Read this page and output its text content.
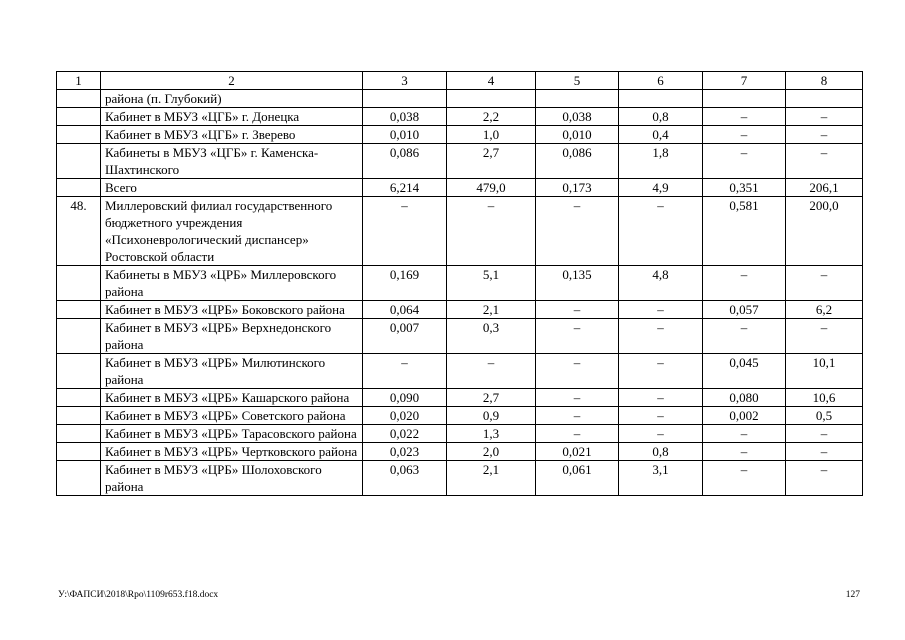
1	2	3	4	5	6	7	8
	района (п. Глубокий)						
	Кабинет в МБУЗ «ЦГБ» г. Донецка	0,038	2,2	0,038	0,8	–	–
	Кабинет в МБУЗ «ЦГБ» г. Зверево	0,010	1,0	0,010	0,4	–	–
	Кабинеты в МБУЗ «ЦГБ» г. Каменска-Шахтинского	0,086	2,7	0,086	1,8	–	–
	Всего	6,214	479,0	0,173	4,9	0,351	206,1
48.	Миллеровский филиал государственного бюджетного учреждения «Психоневрологический диспансер» Ростовской области	–	–	–	–	0,581	200,0
	Кабинеты в МБУЗ «ЦРБ» Миллеровского района	0,169	5,1	0,135	4,8	–	–
	Кабинет в МБУЗ «ЦРБ» Боковского района	0,064	2,1	–	–	0,057	6,2
	Кабинет в МБУЗ «ЦРБ» Верхнедонского района	0,007	0,3	–	–	–	–
	Кабинет в МБУЗ «ЦРБ» Милютинского района	–	–	–	–	0,045	10,1
	Кабинет в МБУЗ «ЦРБ» Кашарского района	0,090	2,7	–	–	0,080	10,6
	Кабинет в МБУЗ «ЦРБ» Советского района	0,020	0,9	–	–	0,002	0,5
	Кабинет в МБУЗ «ЦРБ» Тарасовского района	0,022	1,3	–	–	–	–
	Кабинет в МБУЗ «ЦРБ» Чертковского района	0,023	2,0	0,021	0,8	–	–
	Кабинет в МБУЗ «ЦРБ» Шолоховского района	0,063	2,1	0,061	3,1	–	–
У:\ФАПСИ\2018\Rpo\1109r653.f18.docx	127
